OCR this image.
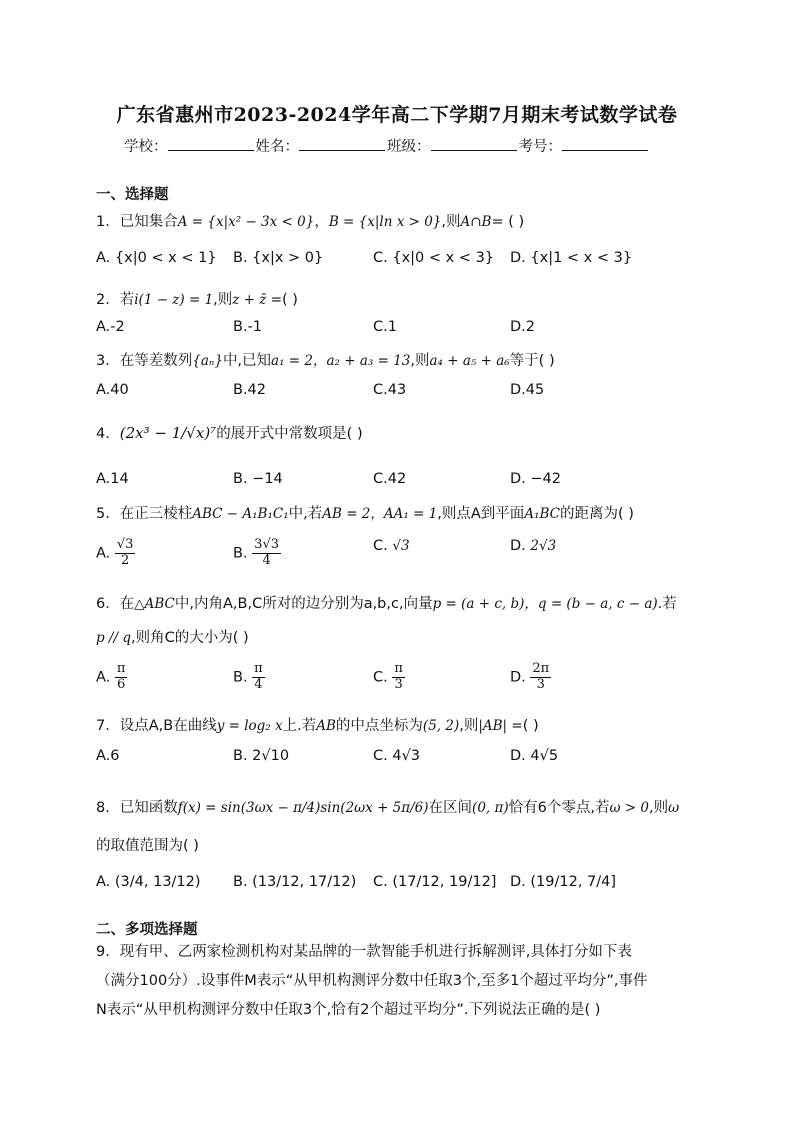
广东省惠州市2023-2024学年高二下学期7月期末考试数学试卷
学校：	姓名：	班级：	考号：
一、选择题
1．已知集合A = {x|x² − 3x < 0}，B = {x|ln x > 0},则A∩B= ( )
A. {x|0 < x < 1} B. {x|x > 0}	C. {x|0 < x < 3} D. {x|1 < x < 3}
2．若i(1 − z) = 1,则z + z̄ =( )
A.-2	B.-1	C.1	D.2
3．在等差数列{aₙ}中,已知a₁ = 2，a₂ + a₃ = 13,则a₄ + a₅ + a₆等于( )
A.40	B.42	C.43	D.45
4．(2x³ − 1/√x)⁷的展开式中常数项是( )
A.14	B. −14	C.42	D. −42
5．在正三棱柱ABC − A₁B₁C₁中,若AB = 2，AA₁ = 1,则点A到平面A₁BC的距离为( )
A. $\frac{√3}{2}$	B. $\frac{3√3}{4}$	C. √3	D. 2√3
6．在△ABC中,内角A,B,C所对的边分别为a,b,c,向量p = (a + c, b)，q = (b − a, c − a).若
p // q,则角C的大小为( )
A. $\frac{\pi}{6}$	B. $\frac{\pi}{4}$	C. $\frac{\pi}{3}$	D. $\frac{2\pi}{3}$
7．设点A,B在曲线y = log₂ x上.若AB的中点坐标为(5, 2),则|AB| =( )
A.6	B. 2√10	C. 4√3	D. 4√5
8．已知函数f(x) = sin(3ωx − π/4)sin(2ωx + 5π/6)在区间(0, π)恰有6个零点,若ω > 0,则ω
的取值范围为( )
A. (3/4, 13/12) B. (13/12, 17/12) C. (17/12, 19/12] D. (19/12, 7/4]
二、多项选择题
9．现有甲、乙两家检测机构对某品牌的一款智能手机进行拆解测评,具体打分如下表
（满分100分）.设事件M表示“从甲机构测评分数中任取3个,至多1个超过平均分”,事件
N表示“从甲机构测评分数中任取3个,恰有2个超过平均分”.下列说法正确的是( )
